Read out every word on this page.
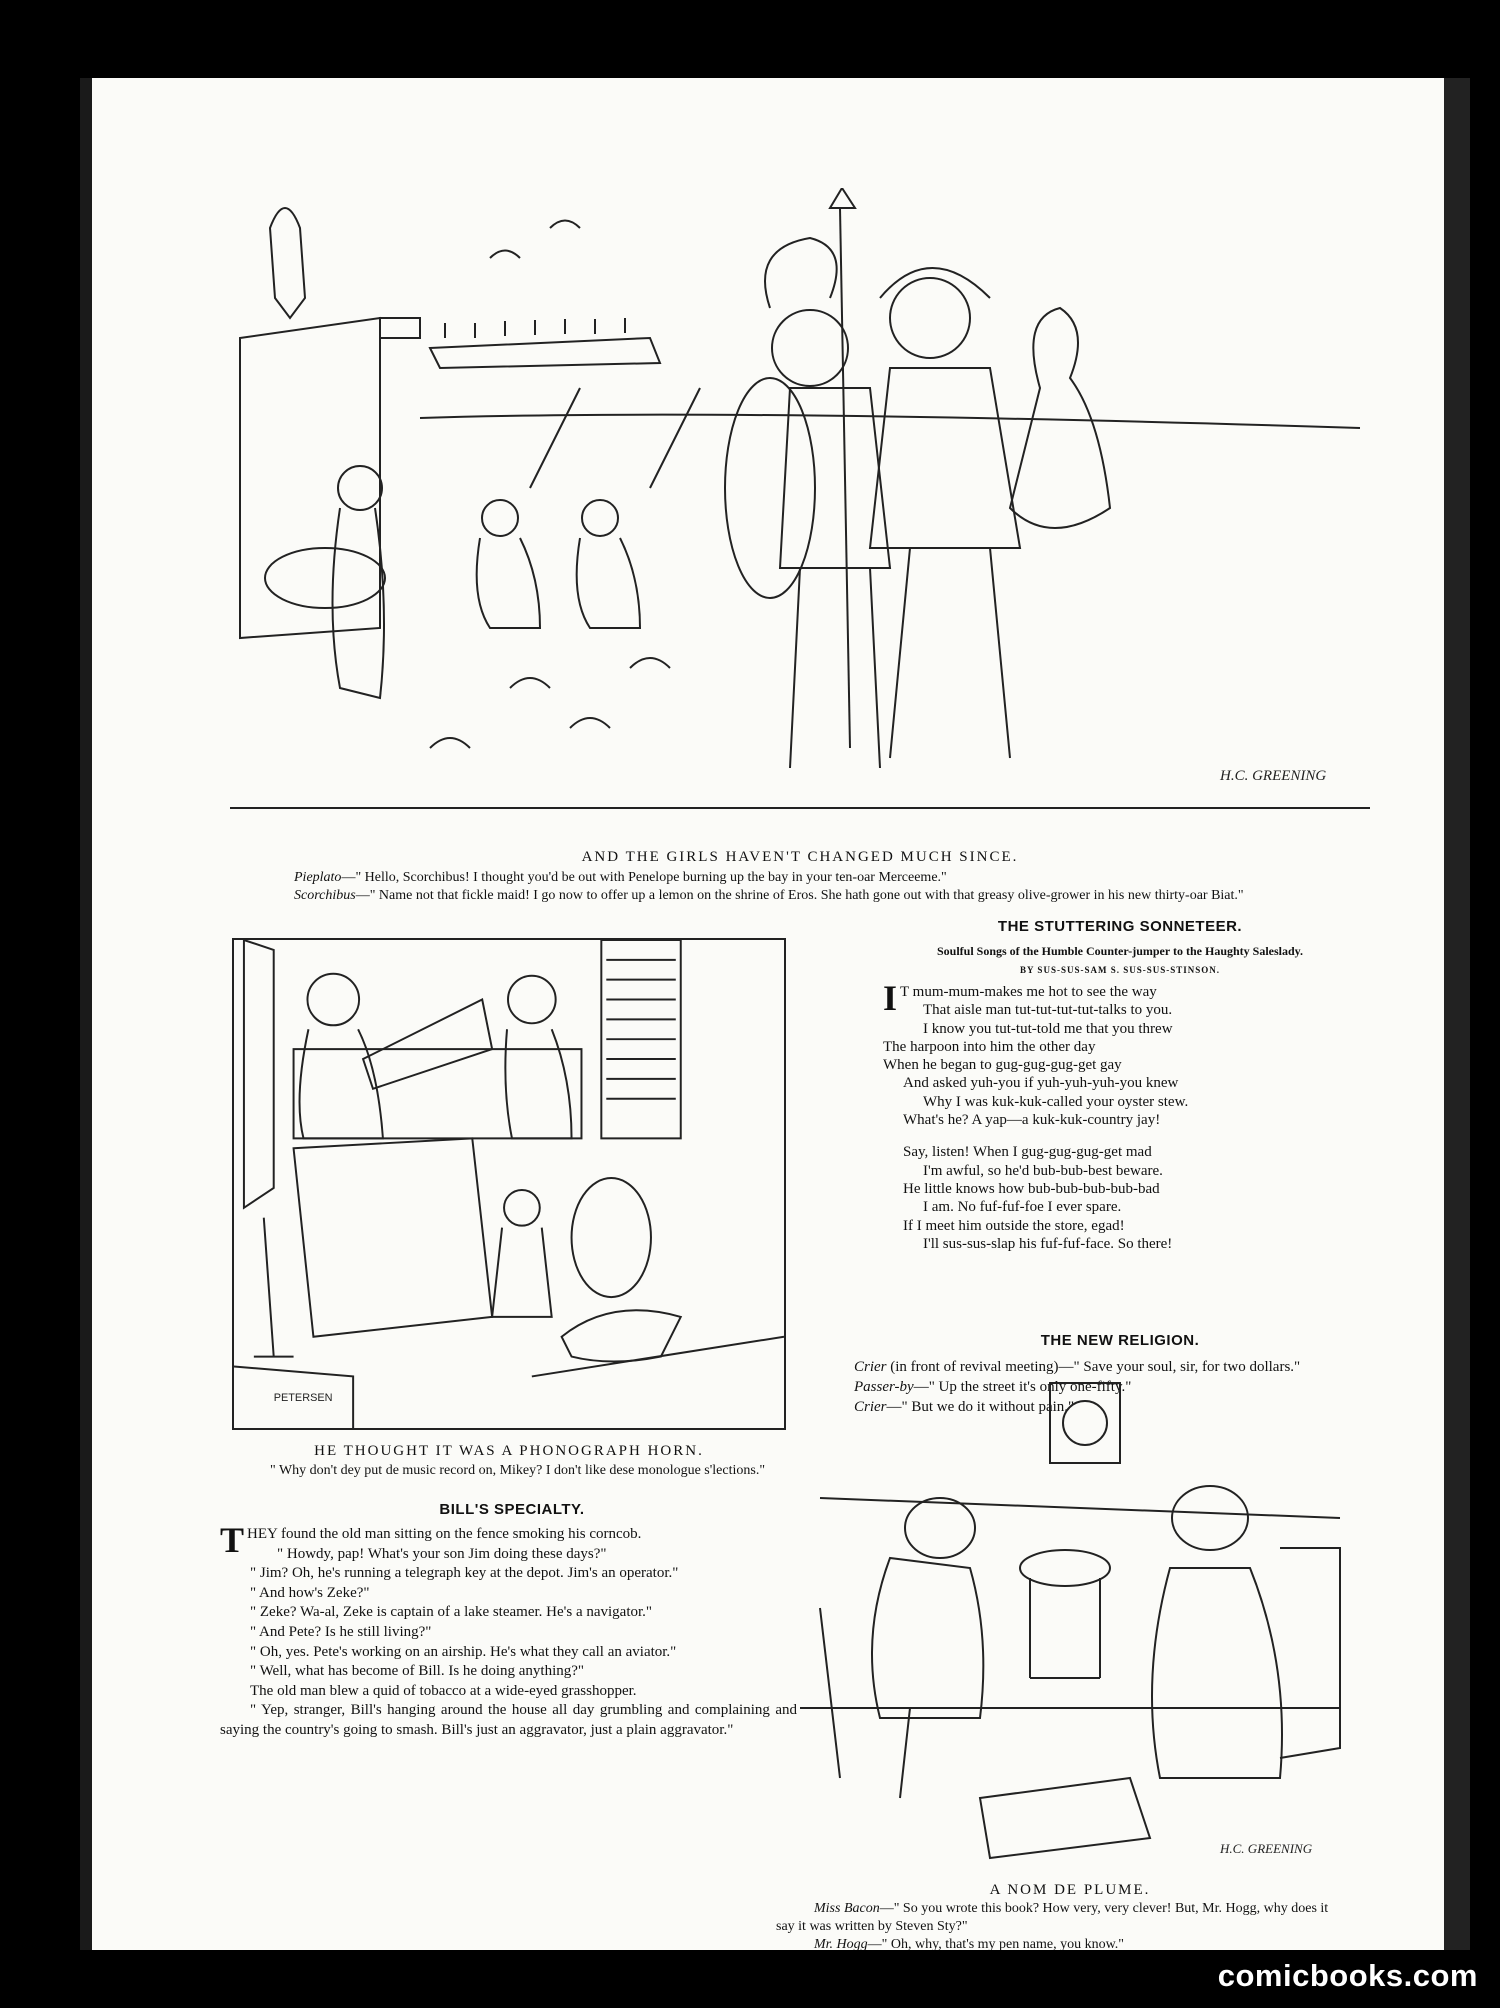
H.C. GREENING
AND THE GIRLS HAVEN'T CHANGED MUCH SINCE.

Pieplato—" Hello, Scorchibus! I thought you'd be out with Penelope burning up the bay in your ten-oar Merceeme."

Scorchibus—" Name not that fickle maid! I go now to offer up a lemon on the shrine of Eros. She hath gone out with that greasy olive-grower in his new thirty-oar Biat."

PETERSEN
HE THOUGHT IT WAS A PHONOGRAPH HORN.

" Why don't dey put de music record on, Mikey? I don't like dese monologue s'lections."

BILL'S SPECIALTY.

THEY found the old man sitting on the fence smoking his corncob.

" Howdy, pap! What's your son Jim doing these days?"

" Jim? Oh, he's running a telegraph key at the depot. Jim's an operator."

" And how's Zeke?"

" Zeke? Wa-al, Zeke is captain of a lake steamer. He's a navigator."

" And Pete? Is he still living?"

" Oh, yes. Pete's working on an airship. He's what they call an aviator."

" Well, what has become of Bill. Is he doing anything?"

The old man blew a quid of tobacco at a wide-eyed grasshopper.

" Yep, stranger, Bill's hanging around the house all day grumbling and complaining and saying the country's going to smash. Bill's just an aggravator, just a plain aggravator."

THE STUTTERING SONNETEER.
Soulful Songs of the Humble Counter-jumper to the Haughty Saleslady.
BY SUS-SUS-SAM S. SUS-SUS-STINSON.
I T mum-mum-makes me hot to see the way
That aisle man tut-tut-tut-tut-talks to you.
I know you tut-tut-told me that you threw
The harpoon into him the other day
When he began to gug-gug-gug-get gay
And asked yuh-you if yuh-yuh-yuh-you knew
Why I was kuk-kuk-called your oyster stew.
What's he? A yap—a kuk-kuk-country jay!
Say, listen! When I gug-gug-gug-get mad
I'm awful, so he'd bub-bub-best beware.
He little knows how bub-bub-bub-bub-bad
I am. No fuf-fuf-foe I ever spare.
If I meet him outside the store, egad!
I'll sus-sus-slap his fuf-fuf-face. So there!
THE NEW RELIGION.

Crier (in front of revival meeting)—" Save your soul, sir, for two dollars."

Passer-by—" Up the street it's only one-fifty."

Crier—" But we do it without pain."

H.C. GREENING
A NOM DE PLUME.

Miss Bacon—" So you wrote this book? How very, very clever! But, Mr. Hogg, why does it say it was written by Steven Sty?"

Mr. Hogg—" Oh, why, that's my pen name, you know."

comicbooks.com
